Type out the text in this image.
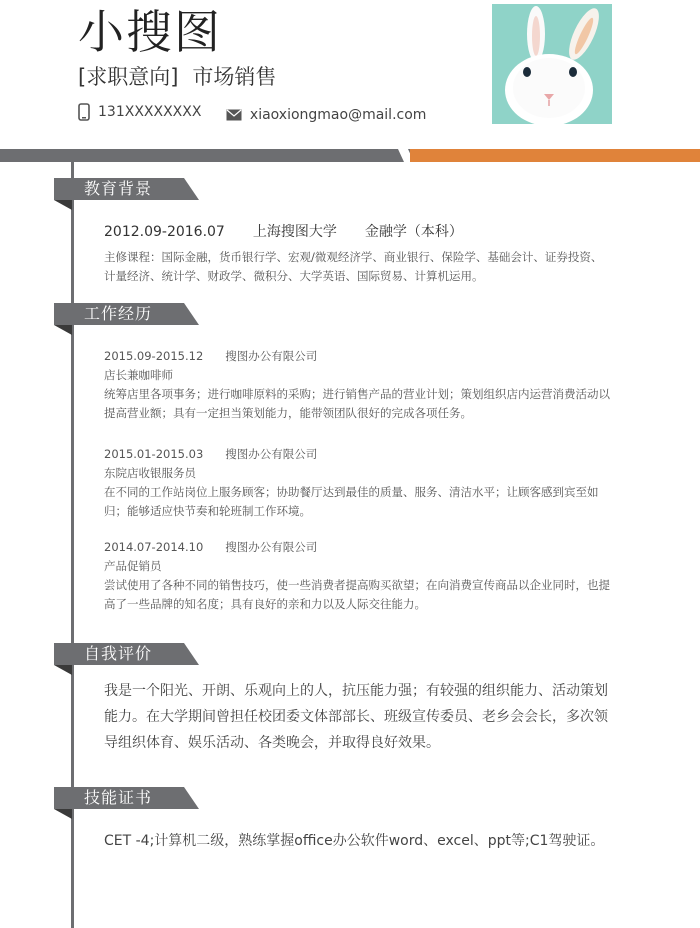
小搜图
[求职意向] 市场销售
131XXXXXXXX
	xiaoxiongmao@mail.com
教育背景
2012.09-2016.07 上海搜图大学 金融学（本科）
主修课程：国际金融，货币银行学、宏观/微观经济学、商业银行、保险学、基础会计、证券投资、计量经济、统计学、财政学、微积分、大学英语、国际贸易、计算机运用。
工作经历
2015.09-2015.12 搜图办公有限公司
店长兼咖啡师
统筹店里各项事务；进行咖啡原料的采购；进行销售产品的营业计划；策划组织店内运营消费活动以提高营业额；具有一定担当策划能力，能带领团队很好的完成各项任务。
2015.01-2015.03 搜图办公有限公司
东院店收银服务员
在不同的工作站岗位上服务顾客；协助餐厅达到最佳的质量、服务、清洁水平；让顾客感到宾至如归；能够适应快节奏和轮班制工作环境。
2014.07-2014.10 搜图办公有限公司
产品促销员
尝试使用了各种不同的销售技巧，使一些消费者提高购买欲望；在向消费宣传商品以企业同时，也提高了一些品牌的知名度；具有良好的亲和力以及人际交往能力。
自我评价
我是一个阳光、开朗、乐观向上的人，抗压能力强；有较强的组织能力、活动策划能力。在大学期间曾担任校团委文体部部长、班级宣传委员、老乡会会长，多次领导组织体育、娱乐活动、各类晚会，并取得良好效果。
技能证书
CET -4;计算机二级，熟练掌握office办公软件word、excel、ppt等;C1驾驶证。
